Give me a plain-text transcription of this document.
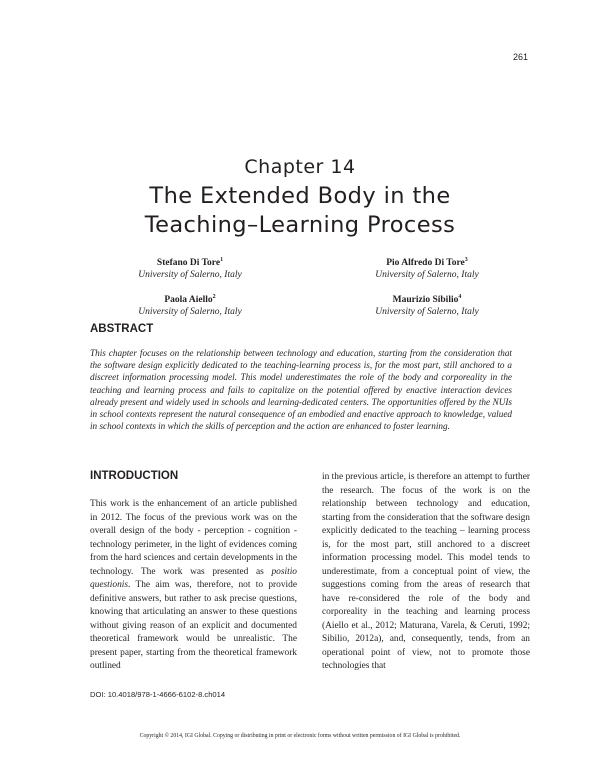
261
Chapter 14
The Extended Body in the
Teaching–Learning Process
Stefano Di Tore$^1$
University of Salerno, Italy
Pio Alfredo Di Tore$^3$
University of Salerno, Italy
Paola Aiello$^2$
University of Salerno, Italy
Maurizio Sibilio$^4$
University of Salerno, Italy
ABSTRACT
This chapter focuses on the relationship between technology and education, starting from the consideration that the software design explicitly dedicated to the teaching-learning process is, for the most part, still anchored to a discreet information processing model. This model underestimates the role of the body and corporeality in the teaching and learning process and fails to capitalize on the potential offered by enactive interaction devices already present and widely used in schools and learning-dedicated centers. The opportunities offered by the NUIs in school contexts represent the natural consequence of an embodied and enactive approach to knowledge, valued in school contexts in which the skills of perception and the action are enhanced to foster learning.
INTRODUCTION

This work is the enhancement of an article published in 2012. The focus of the previous work was on the overall design of the body - perception - cognition - technology perimeter, in the light of evidences coming from the hard sciences and certain developments in the technology. The work was presented as positio questionis. The aim was, therefore, not to provide definitive answers, but rather to ask precise questions, knowing that articulating an answer to these questions without giving reason of an explicit and documented theoretical framework would be unrealistic. The present paper, starting from the theoretical framework outlined

in the previous article, is therefore an attempt to further the research. The focus of the work is on the relationship between technology and education, starting from the consideration that the software design explicitly dedicated to the teaching – learning process is, for the most part, still anchored to a discreet information processing model. This model tends to underestimate, from a conceptual point of view, the suggestions coming from the areas of research that have re-considered the role of the body and corporeality in the teaching and learning process (Aiello et al., 2012; Maturana, Varela, & Ceruti, 1992; Sibilio, 2012a), and, consequently, tends, from an operational point of view, not to promote those technologies that

DOI: 10.4018/978-1-4666-6102-8.ch014
Copyright © 2014, IGI Global. Copying or distributing in print or electronic forms without written permission of IGI Global is prohibited.
